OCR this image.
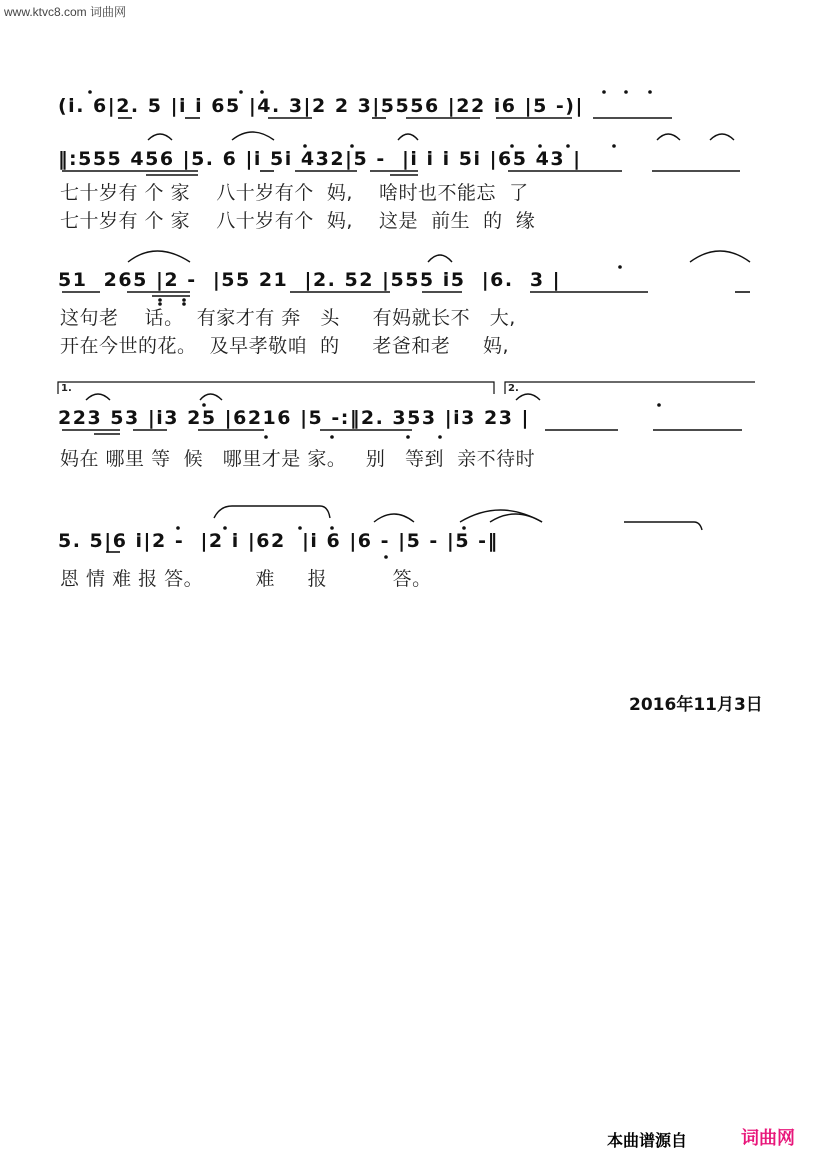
www.ktvc8.com 词曲网
(i. 6|2. 5 |i i 65 |4. 3|2 2 3|5556 |22 i6 |5 -)|
‖:555 456 |5. 6 |i 5i 432|5 -  |i i i 5i |65 43 |
七十岁有 个 家    八十岁有个  妈,    啥时也不能忘  了
七十岁有 个 家    八十岁有个  妈,    这是  前生  的  缘
51  265 |2 -  |55 21  |2. 52 |555 i5  |6.  3 |
这句老    话。  有家才有 奔   头     有妈就长不   大,
开在今世的花。  及早孝敬咱  的     老爸和老     妈,
223 53 |i3 25 |6216 |5 -:‖2. 353 |i3 23 |
妈在 哪里 等  候   哪里才是 家。   别   等到  亲不待时
5. 5|6 i|2 -  |2 i |62  |i 6 |6 - |5 - |5 -‖
恩 情 难 报 答。        难     报          答。
1.	2.
2016年11月3日
本曲谱源自	词曲网
